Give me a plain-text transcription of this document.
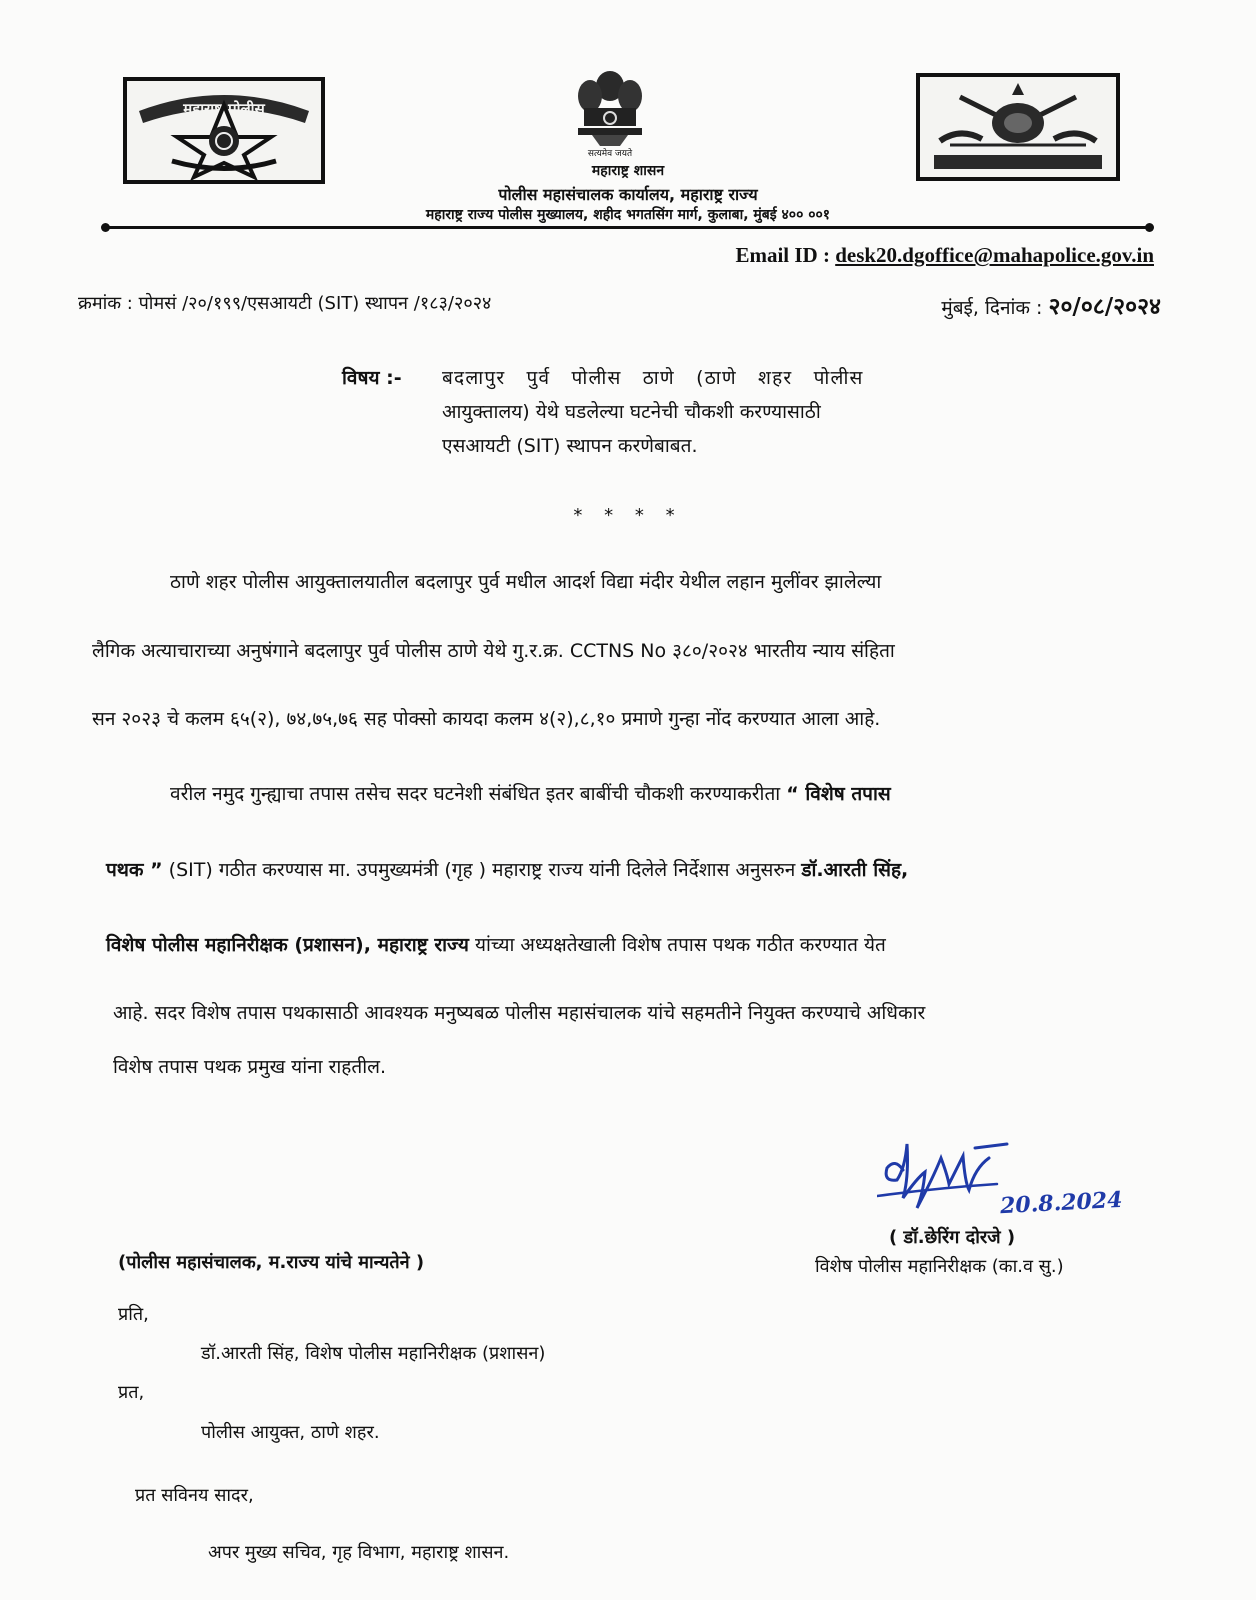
महाराष्ट्र पोलीस
सत्यमेव जयते
महाराष्ट्र शासन
पोलीस महासंचालक कार्यालय, महाराष्ट्र राज्य
महाराष्ट्र राज्य पोलीस मुख्यालय, शहीद भगतसिंग मार्ग, कुलाबा, मुंबई ४०० ००१
Email ID : desk20.dgoffice@mahapolice.gov.in
क्रमांक : पोमसं /२०/१९९/एसआयटी (SIT) स्थापन /१८३/२०२४	मुंबई, दिनांक : २०/०८/२०२४
विषय :- बदलापुर पुर्व पोलीस ठाणे (ठाणे शहर पोलीस
आयुक्तालय) येथे घडलेल्या घटनेची चौकशी करण्यासाठी
एसआयटी (SIT) स्थापन करणेबाबत.
* * * *
ठाणे शहर पोलीस आयुक्तालयातील बदलापुर पुर्व मधील आदर्श विद्या मंदीर येथील लहान मुलींवर झालेल्या
लैगिक अत्याचाराच्या अनुषंगाने बदलापुर पुर्व पोलीस ठाणे येथे गु.र.क्र. CCTNS No ३८०/२०२४ भारतीय न्याय संहिता
सन २०२३ चे कलम ६५(२), ७४,७५,७६ सह पोक्सो कायदा कलम ४(२),८,१० प्रमाणे गुन्हा नोंद करण्यात आला आहे.
वरील नमुद गुन्ह्याचा तपास तसेच सदर घटनेशी संबंधित इतर बाबींची चौकशी करण्याकरीता “ विशेष तपास
पथक ” (SIT) गठीत करण्यास मा. उपमुख्यमंत्री (गृह ) महाराष्ट्र राज्य यांनी दिलेले निर्देशास अनुसरुन डॉ.आरती सिंह,
विशेष पोलीस महानिरीक्षक (प्रशासन), महाराष्ट्र राज्य यांच्या अध्यक्षतेखाली विशेष तपास पथक गठीत करण्यात येत
आहे. सदर विशेष तपास पथकासाठी आवश्यक मनुष्यबळ पोलीस महासंचालक यांचे सहमतीने नियुक्त करण्याचे अधिकार
विशेष तपास पथक प्रमुख यांना राहतील.
20.8.2024
( डॉ.छेरिंग दोरजे )
विशेष पोलीस महानिरीक्षक (का.व सु.)
(पोलीस महासंचालक, म.राज्य यांचे मान्यतेने )
प्रति,
डॉ.आरती सिंह, विशेष पोलीस महानिरीक्षक (प्रशासन)
प्रत,
पोलीस आयुक्त, ठाणे शहर.
प्रत सविनय सादर,
अपर मुख्य सचिव, गृह विभाग, महाराष्ट्र शासन.
